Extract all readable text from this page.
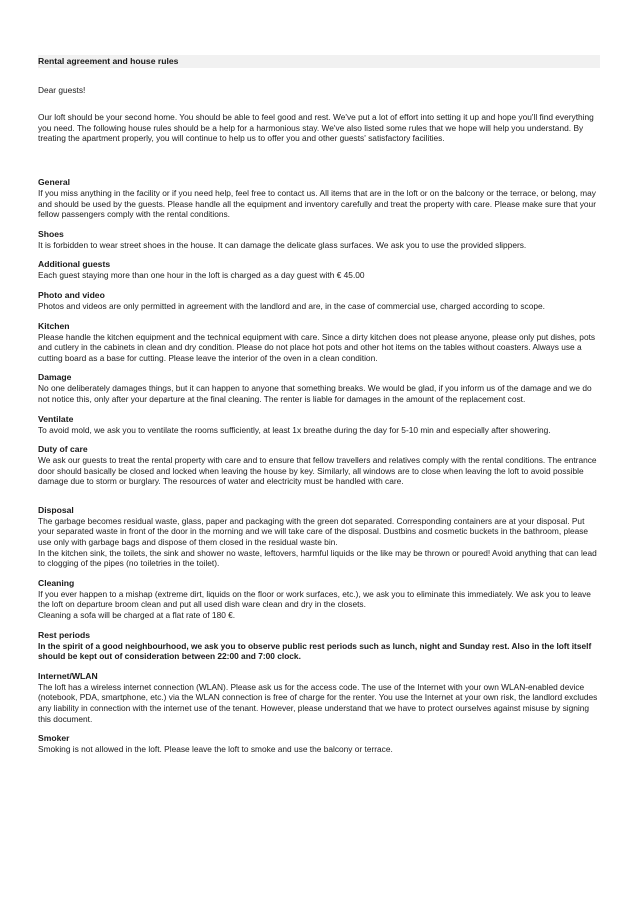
Rental agreement and house rules
Dear guests!
Our loft should be your second home. You should be able to feel good and rest. We've put a lot of effort into setting it up and hope you'll find everything you need. The following house rules should be a help for a harmonious stay. We've also listed some rules that we hope will help you understand. By treating the apartment properly, you will continue to help us to offer you and other guests' satisfactory facilities.
General

If you miss anything in the facility or if you need help, feel free to contact us. All items that are in the loft or on the balcony or the terrace, or belong, may and should be used by the guests. Please handle all the equipment and inventory carefully and treat the property with care. Please make sure that your fellow passengers comply with the rental conditions.

Shoes

It is forbidden to wear street shoes in the house. It can damage the delicate glass surfaces. We ask you to use the provided slippers.

Additional guests

Each guest staying more than one hour in the loft is charged as a day guest with € 45.00

Photo and video

Photos and videos are only permitted in agreement with the landlord and are, in the case of commercial use, charged according to scope.

Kitchen

Please handle the kitchen equipment and the technical equipment with care. Since a dirty kitchen does not please anyone, please only put dishes, pots and cutlery in the cabinets in clean and dry condition. Please do not place hot pots and other hot items on the tables without coasters. Always use a cutting board as a base for cutting. Please leave the interior of the oven in a clean condition.

Damage

No one deliberately damages things, but it can happen to anyone that something breaks. We would be glad, if you inform us of the damage and we do not notice this, only after your departure at the final cleaning. The renter is liable for damages in the amount of the replacement cost.

Ventilate

To avoid mold, we ask you to ventilate the rooms sufficiently, at least 1x breathe during the day for 5-10 min and especially after showering.

Duty of care

We ask our guests to treat the rental property with care and to ensure that fellow travellers and relatives comply with the rental conditions. The entrance door should basically be closed and locked when leaving the house by key. Similarly, all windows are to close when leaving the loft to avoid possible damage due to storm or burglary. The resources of water and electricity must be handled with care.

Disposal

The garbage becomes residual waste, glass, paper and packaging with the green dot separated. Corresponding containers are at your disposal. Put your separated waste in front of the door in the morning and we will take care of the disposal. Dustbins and cosmetic buckets in the bathroom, please use only with garbage bags and dispose of them closed in the residual waste bin.

In the kitchen sink, the toilets, the sink and shower no waste, leftovers, harmful liquids or the like may be thrown or poured! Avoid anything that can lead to clogging of the pipes (no toiletries in the toilet).

Cleaning

If you ever happen to a mishap (extreme dirt, liquids on the floor or work surfaces, etc.), we ask you to eliminate this immediately. We ask you to leave the loft on departure broom clean and put all used dish ware clean and dry in the closets.

Cleaning a sofa will be charged at a flat rate of 180 €.

Rest periods

In the spirit of a good neighbourhood, we ask you to observe public rest periods such as lunch, night and Sunday rest. Also in the loft itself should be kept out of consideration between 22:00 and 7:00 clock.

Internet/WLAN

The loft has a wireless internet connection (WLAN). Please ask us for the access code. The use of the Internet with your own WLAN-enabled device (notebook, PDA, smartphone, etc.) via the WLAN connection is free of charge for the renter. You use the Internet at your own risk, the landlord excludes any liability in connection with the internet use of the tenant. However, please understand that we have to protect ourselves against misuse by signing this document.

Smoker

Smoking is not allowed in the loft. Please leave the loft to smoke and use the balcony or terrace.
